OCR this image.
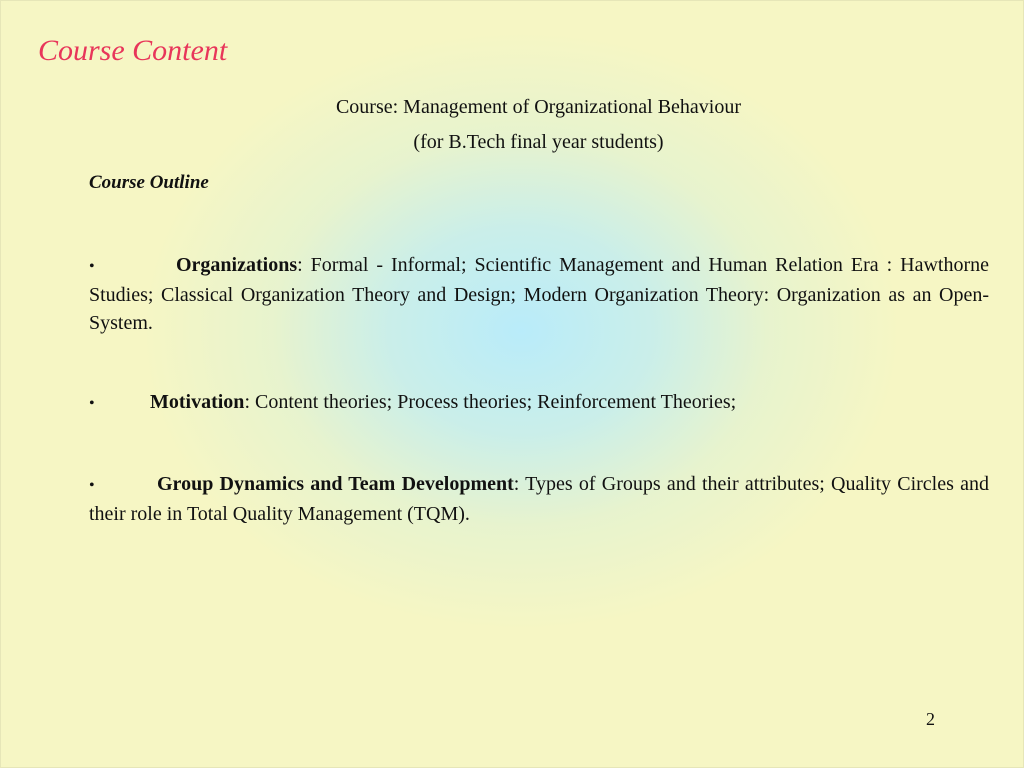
Course Content
Course: Management of Organizational Behaviour
(for B.Tech final year students)
Course Outline
•	Organizations: Formal - Informal; Scientific Management and Human Relation Era : Hawthorne Studies; Classical Organization Theory and Design; Modern Organization Theory: Organization as an Open-System.
•	Motivation: Content theories; Process theories; Reinforcement Theories;
•	Group Dynamics and Team Development: Types of Groups and their attributes; Quality Circles and their role in Total Quality Management (TQM).
2
